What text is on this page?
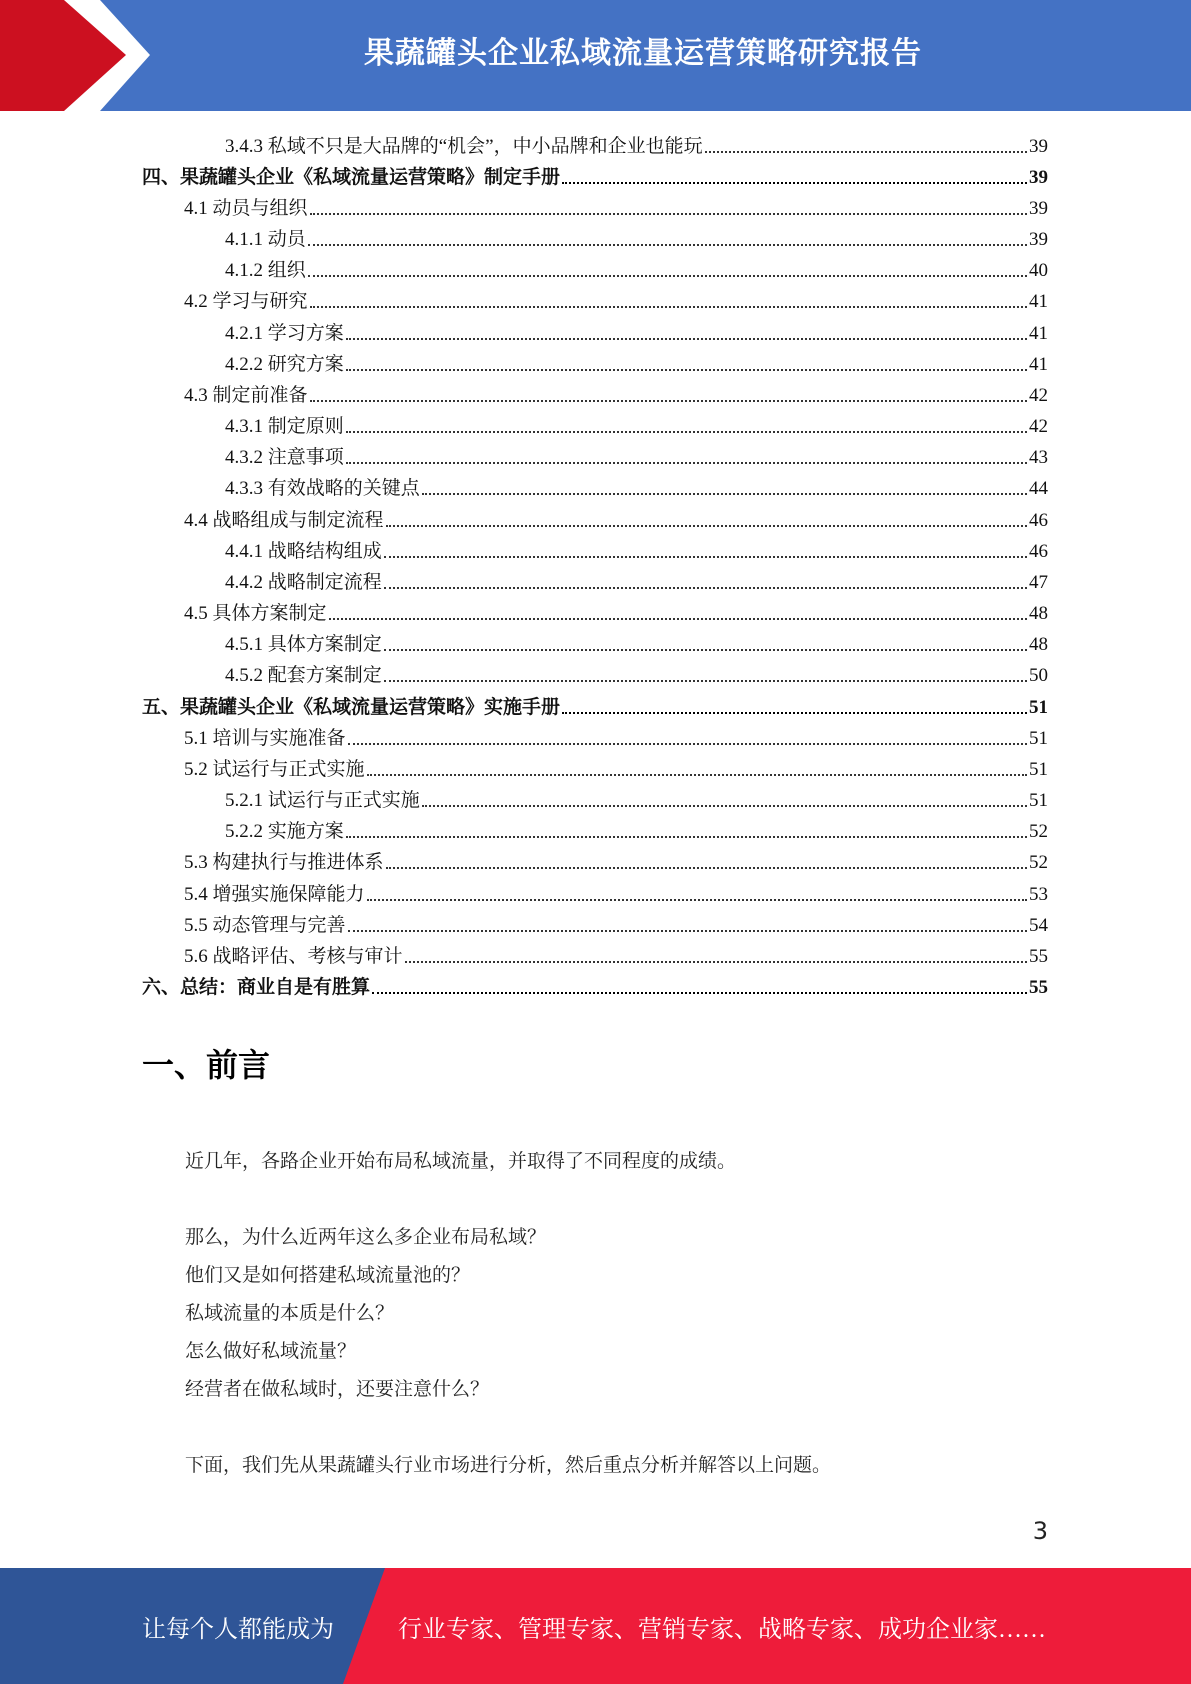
果蔬罐头企业私域流量运营策略研究报告
3.4.3 私域不只是大品牌的“机会”，中小品牌和企业也能玩	39
四、果蔬罐头企业《私域流量运营策略》制定手册	39
4.1 动员与组织	39
4.1.1 动员	39
4.1.2 组织	40
4.2 学习与研究	41
4.2.1 学习方案	41
4.2.2 研究方案	41
4.3 制定前准备	42
4.3.1 制定原则	42
4.3.2 注意事项	43
4.3.3 有效战略的关键点	44
4.4 战略组成与制定流程	46
4.4.1 战略结构组成	46
4.4.2 战略制定流程	47
4.5 具体方案制定	48
4.5.1 具体方案制定	48
4.5.2 配套方案制定	50
五、果蔬罐头企业《私域流量运营策略》实施手册	51
5.1 培训与实施准备	51
5.2 试运行与正式实施	51
5.2.1 试运行与正式实施	51
5.2.2 实施方案	52
5.3 构建执行与推进体系	52
5.4 增强实施保障能力	53
5.5 动态管理与完善	54
5.6 战略评估、考核与审计	55
六、总结：商业自是有胜算	55
一、前言
近几年，各路企业开始布局私域流量，并取得了不同程度的成绩。
那么，为什么近两年这么多企业布局私域？
他们又是如何搭建私域流量池的？
私域流量的本质是什么？
怎么做好私域流量？
经营者在做私域时，还要注意什么？
下面，我们先从果蔬罐头行业市场进行分析，然后重点分析并解答以上问题。
3
让每个人都能成为	行业专家、管理专家、营销专家、战略专家、成功企业家……
